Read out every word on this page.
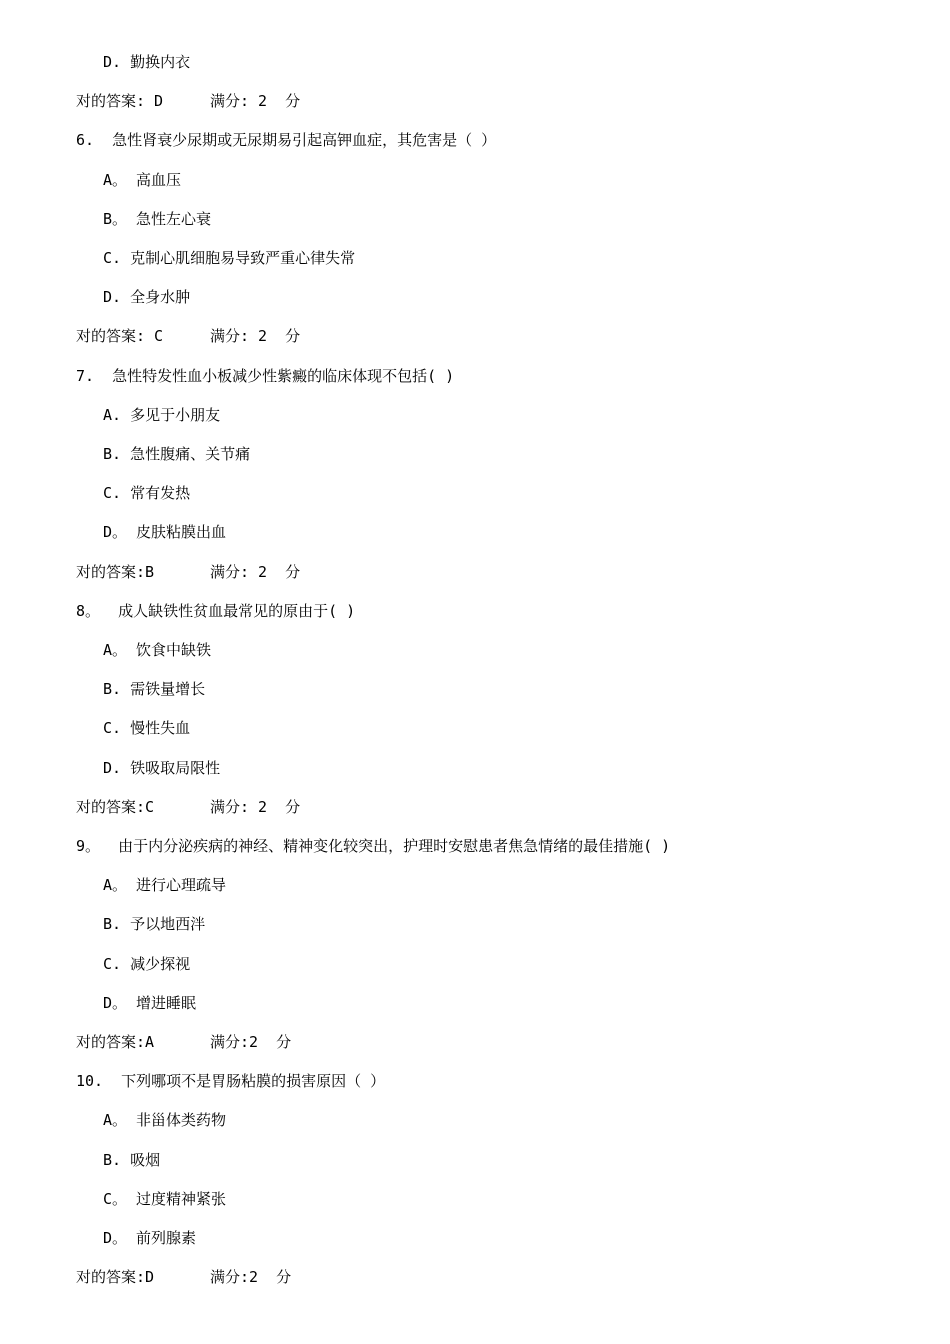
D. 勤换内衣
对的答案: D	满分: 2  分
6.  急性肾衰少尿期或无尿期易引起高钾血症，其危害是（ ）
A。 高血压
B。 急性左心衰
C. 克制心肌细胞易导致严重心律失常
D. 全身水肿
对的答案: C	满分: 2  分
7.  急性特发性血小板减少性紫癜的临床体现不包括( )
A. 多见于小朋友
B. 急性腹痛、关节痛
C. 常有发热
D。 皮肤粘膜出血
对的答案:B	满分: 2  分
8。  成人缺铁性贫血最常见的原由于( )
A。 饮食中缺铁
B. 需铁量增长
C. 慢性失血
D. 铁吸取局限性
对的答案:C	满分: 2  分
9。  由于内分泌疾病的神经、精神变化较突出，护理时安慰患者焦急情绪的最佳措施( )
A。 进行心理疏导
B. 予以地西泮
C. 减少探视
D。 增进睡眠
对的答案:A	满分:2  分
10.  下列哪项不是胃肠粘膜的损害原因（ ）
A。 非甾体类药物
B. 吸烟
C。 过度精神紧张
D。 前列腺素
对的答案:D	满分:2  分
